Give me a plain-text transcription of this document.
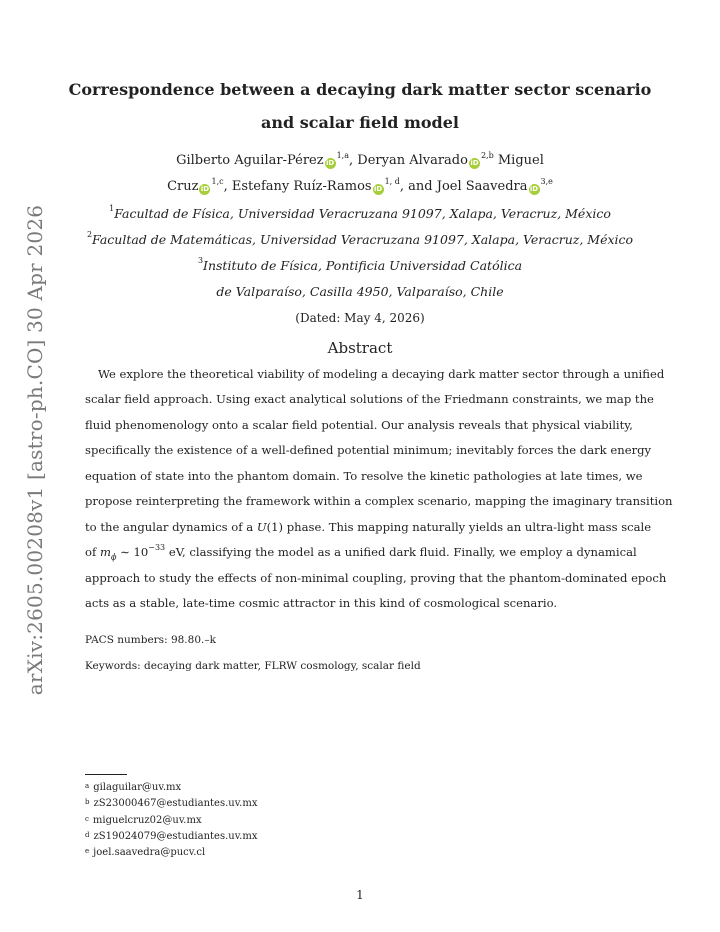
arXiv:2605.00208v1 [astro-ph.CO] 30 Apr 2026
Correspondence between a decaying dark matter sector scenario
and scalar field model
Gilberto Aguilar-Pérez iD$^{1,a}$, Deryan Alvarado iD$^{2,b}$ Miguel
Cruz iD$^{1,c}$, Estefany Ruíz-Ramos iD$^{1, d}$, and Joel Saavedra iD$^{3,e}$
$^1$Facultad de Física, Universidad Veracruzana 91097, Xalapa, Veracruz, México
$^2$Facultad de Matemáticas, Universidad Veracruzana 91097, Xalapa, Veracruz, México
$^3$Instituto de Física, Pontificia Universidad Católica
de Valparaíso, Casilla 4950, Valparaíso, Chile
(Dated: May 4, 2026)
Abstract
We explore the theoretical viability of modeling a decaying dark matter sector through a unified
scalar field approach. Using exact analytical solutions of the Friedmann constraints, we map the
fluid phenomenology onto a scalar field potential. Our analysis reveals that physical viability,
specifically the existence of a well-defined potential minimum; inevitably forces the dark energy
equation of state into the phantom domain. To resolve the kinetic pathologies at late times, we
propose reinterpreting the framework within a complex scenario, mapping the imaginary transition
to the angular dynamics of a U(1) phase. This mapping naturally yields an ultra-light mass scale
of $m_\phi$ ∼ $10^{-33}$ eV, classifying the model as a unified dark fluid. Finally, we employ a dynamical
approach to study the effects of non-minimal coupling, proving that the phantom-dominated epoch
acts as a stable, late-time cosmic attractor in this kind of cosmological scenario.
PACS numbers: 98.80.–k
Keywords: decaying dark matter, FLRW cosmology, scalar field
$^a$ gilaguilar@uv.mx
$^b$ zS23000467@estudiantes.uv.mx
$^c$ miguelcruz02@uv.mx
$^d$ zS19024079@estudiantes.uv.mx
$^e$ joel.saavedra@pucv.cl
1
